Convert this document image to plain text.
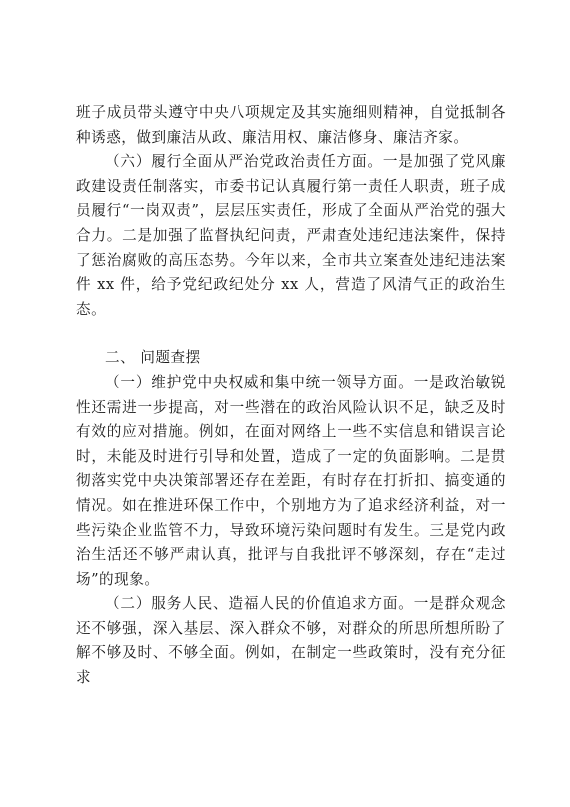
班子成员带头遵守中央八项规定及其实施细则精神，自觉抵制各种诱惑，做到廉洁从政、廉洁用权、廉洁修身、廉洁齐家。

（六）履行全面从严治党政治责任方面。一是加强了党风廉政建设责任制落实，市委书记认真履行第一责任人职责，班子成员履行“一岗双责”，层层压实责任，形成了全面从严治党的强大合力。二是加强了监督执纪问责，严肃查处违纪违法案件，保持了惩治腐败的高压态势。今年以来，全市共立案查处违纪违法案件 xx 件，给予党纪政纪处分 xx 人，营造了风清气正的政治生态。

二、 问题查摆

（一）维护党中央权威和集中统一领导方面。一是政治敏锐性还需进一步提高，对一些潜在的政治风险认识不足，缺乏及时有效的应对措施。例如，在面对网络上一些不实信息和错误言论时，未能及时进行引导和处置，造成了一定的负面影响。二是贯彻落实党中央决策部署还存在差距，有时存在打折扣、搞变通的情况。如在推进环保工作中，个别地方为了追求经济利益，对一些污染企业监管不力，导致环境污染问题时有发生。三是党内政治生活还不够严肃认真，批评与自我批评不够深刻，存在“走过场”的现象。

（二）服务人民、造福人民的价值追求方面。一是群众观念还不够强，深入基层、深入群众不够，对群众的所思所想所盼了解不够及时、不够全面。例如，在制定一些政策时，没有充分征求
